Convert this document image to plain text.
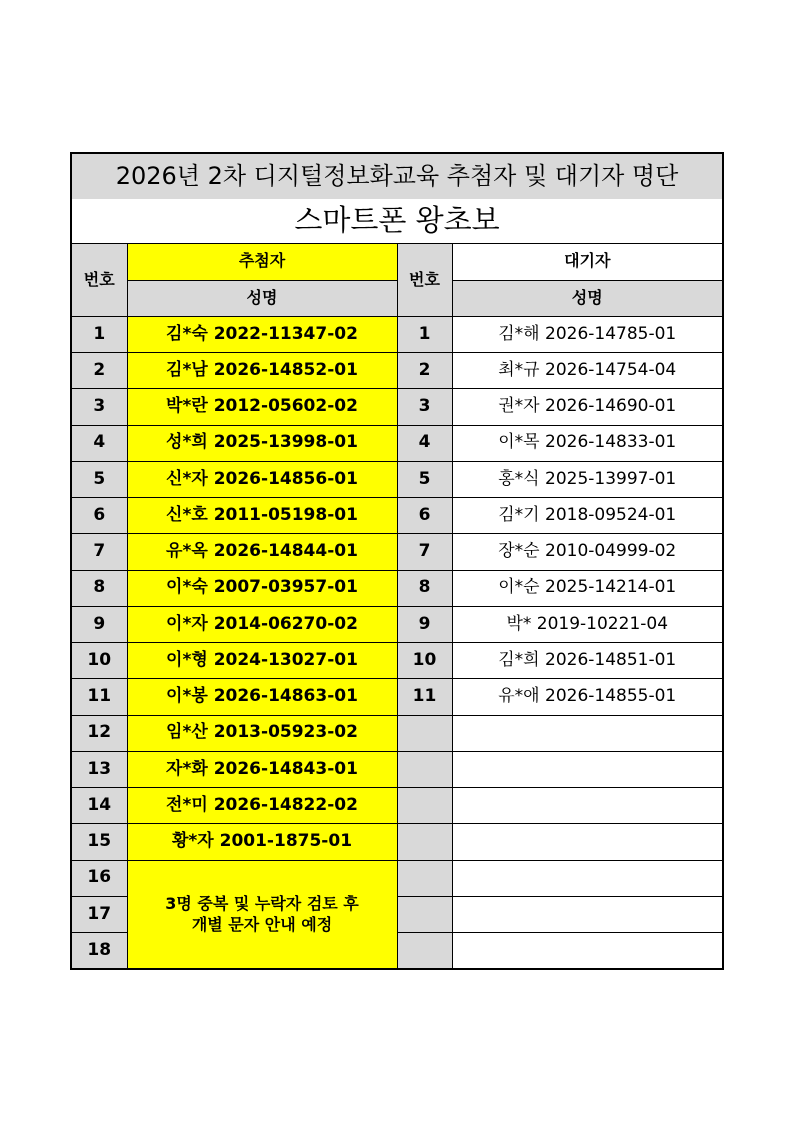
2026년 2차 디지털정보화교육 추첨자 및 대기자 명단			
스마트폰 왕초보			
번호	추첨자	번호	대기자
	성명		성명
1	김*숙 2022-11347-02	1	김*해 2026-14785-01
2	김*남 2026-14852-01	2	최*규 2026-14754-04
3	박*란 2012-05602-02	3	권*자 2026-14690-01
4	성*희 2025-13998-01	4	이*목 2026-14833-01
5	신*자 2026-14856-01	5	홍*식 2025-13997-01
6	신*호 2011-05198-01	6	김*기 2018-09524-01
7	유*옥 2026-14844-01	7	장*순 2010-04999-02
8	이*숙 2007-03957-01	8	이*순 2025-14214-01
9	이*자 2014-06270-02	9	박* 2019-10221-04
10	이*형 2024-13027-01	10	김*희 2026-14851-01
11	이*봉 2026-14863-01	11	유*애 2026-14855-01
12	임*산 2013-05923-02		
13	자*화 2026-14843-01		
14	전*미 2026-14822-02		
15	황*자 2001-1875-01		
16	3명 중복 및 누락자 검토 후
개별 문자 안내 예정		
17			
18			
